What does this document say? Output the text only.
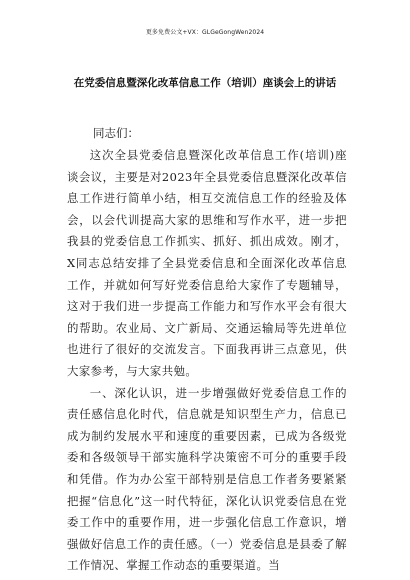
更多免费公文+VX：GLGeGongWen2024
在党委信息暨深化改革信息工作（培训）座谈会上的讲话
同志们：

这次全县党委信息暨深化改革信息工作(培训)座谈会议，主要是对2023年全县党委信息暨深化改革信息工作进行简单小结，相互交流信息工作的经验及体会，以会代训提高大家的思维和写作水平，进一步把我县的党委信息工作抓实、抓好、抓出成效。刚才，X同志总结安排了全县党委信息和全面深化改革信息工作，并就如何写好党委信息给大家作了专题辅导，这对于我们进一步提高工作能力和写作水平会有很大的帮助。农业局、文广新局、交通运输局等先进单位也进行了很好的交流发言。下面我再讲三点意见，供大家参考，与大家共勉。

一、深化认识，进一步增强做好党委信息工作的责任感信息化时代，信息就是知识型生产力，信息已成为制约发展水平和速度的重要因素，已成为各级党委和各级领导干部实施科学决策密不可分的重要手段和凭借。作为办公室干部特别是信息工作者务要紧紧把握“信息化”这一时代特征，深化认识党委信息在党委工作中的重要作用，进一步强化信息工作意识，增强做好信息工作的责任感。（一）党委信息是县委了解工作情况、掌握工作动态的重要渠道。当
